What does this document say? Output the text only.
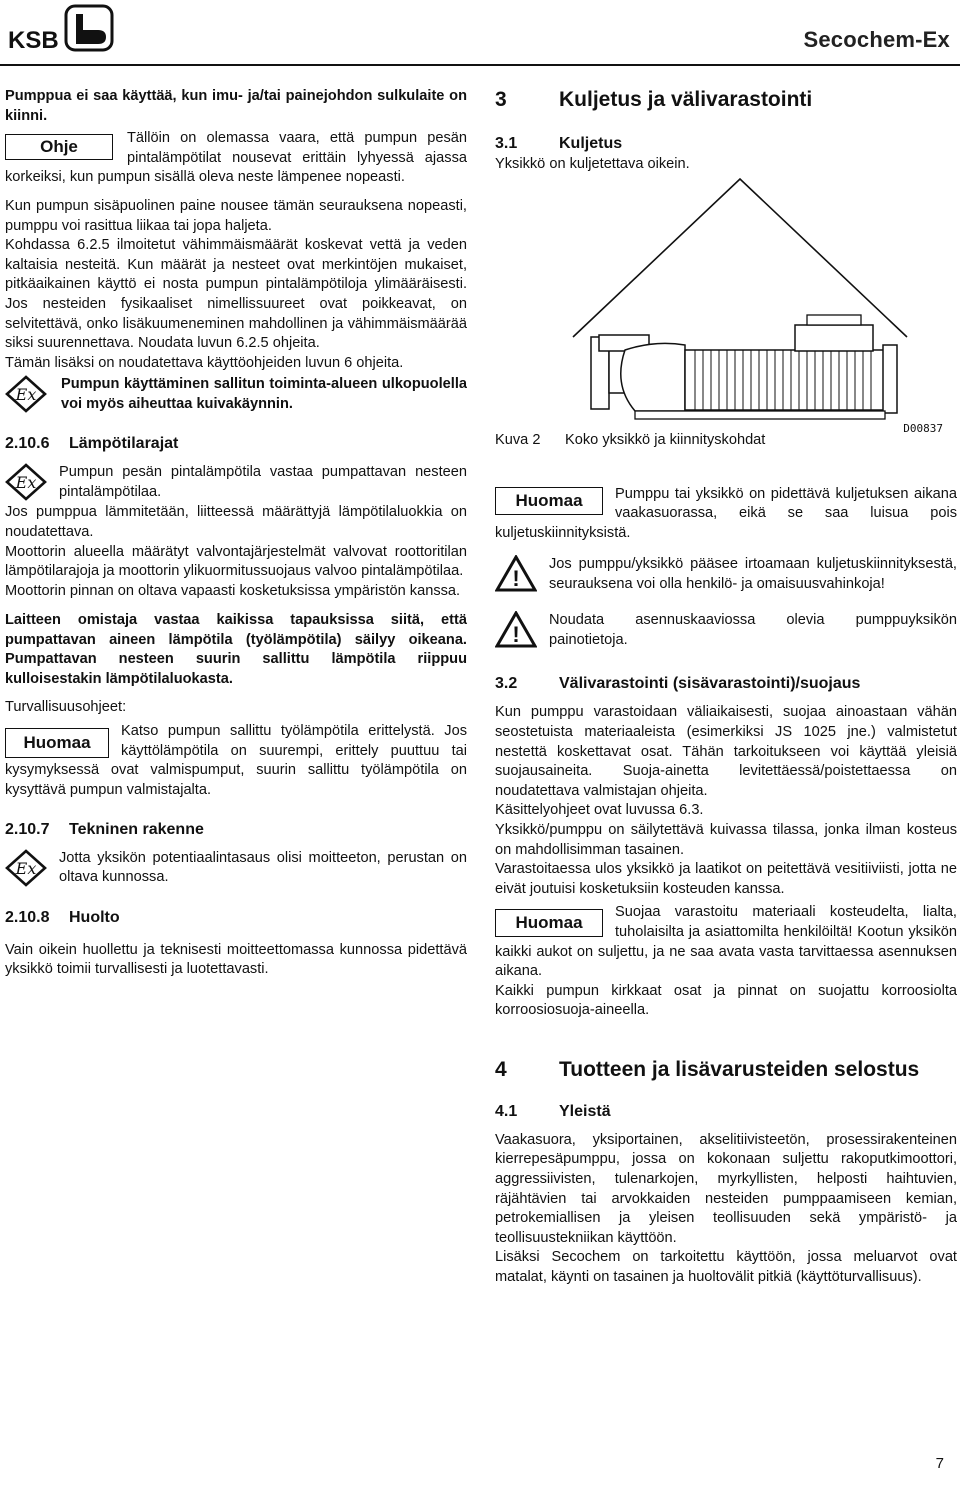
KSB	Secochem-Ex

Pumppua ei saa käyttää, kun imu- ja/tai painejohdon sulkulaite on kiinni.

Ohje	Tällöin on olemassa vaara, että pumpun pesän pintalämpötilat nousevat erittäin lyhyessä ajassa korkeiksi, kun pumpun sisällä oleva neste lämpenee nopeasti.

Kun pumpun sisäpuolinen paine nousee tämän seurauksena nopeasti, pumppu voi rasittua liikaa tai jopa haljeta.

Kohdassa 6.2.5 ilmoitetut vähimmäismäärät koskevat vettä ja veden kaltaisia nesteitä. Kun määrät ja nesteet ovat merkintöjen mukaiset, pitkäaikainen käyttö ei nosta pumpun pintalämpötiloja ylimääräisesti. Jos nesteiden fysikaaliset nimellissuureet ovat poikkeavat, on selvitettävä, onko lisäkuumeneminen mahdollinen ja vähimmäismäärää siksi suurennettava. Noudata luvun 6.2.5 ohjeita.

Tämän lisäksi on noudatettava käyttöohjeiden luvun 6 ohjeita.

Ex

Pumpun käyttäminen sallitun toiminta-alueen ulkopuolella voi myös aiheuttaa kuivakäynnin.

2.10.6 Lämpötilarajat
Ex

Pumpun pesän pintalämpötila vastaa pumpattavan nesteen pintalämpötilaa.

Jos pumppua lämmitetään, liitteessä määrättyjä lämpötilaluokkia on noudatettava.

Moottorin alueella määrätyt valvontajärjestelmät valvovat roottoritilan lämpötilarajoja ja moottorin ylikuormitussuojaus valvoo pintalämpötilaa.

Moottorin pinnan on oltava vapaasti kosketuksissa ympäristön kanssa.

Laitteen omistaja vastaa kaikissa tapauksissa siitä, että pumpattavan aineen lämpötila (työlämpötila) säilyy oikeana. Pumpattavan nesteen suurin sallittu lämpötila riippuu kulloisestakin lämpötilaluokasta.

Turvallisuusohjeet:

Huomaa

Katso pumpun sallittu työlämpötila erittelystä. Jos käyttölämpötila on suurempi, erittely puuttuu tai kysymyksessä ovat valmispumput, suurin sallittu työlämpötila on kysyttävä pumpun valmistajalta.

2.10.7 Tekninen rakenne
Ex

Jotta yksikön potentiaalintasaus olisi moitteeton, perustan on oltava kunnossa.

2.10.8 Huolto

Vain oikein huollettu ja teknisesti moitteettomassa kunnossa pidettävä yksikkö toimii turvallisesti ja luotettavasti.

3 Kuljetus ja välivarastointi
3.1	Kuljetus

Yksikkö on kuljetettava oikein.

D00837
Kuva 2 Koko yksikkö ja kiinnityskohdat
Huomaa	Pumppu tai yksikkö on pidettävä kuljetuksen aikana vaakasuorassa, eikä se saa luisua pois kuljetuskiinnityksistä.

!

Jos pumppu/yksikkö pääsee irtoamaan kuljetuskiinnityksestä, seurauksena voi olla henkilö- ja omaisuusvahinkoja!

!

Noudata asennuskaaviossa olevia pumppuyksikön painotietoja.

3.2	Välivarastointi (sisävarastointi)/suojaus

Kun pumppu varastoidaan väliaikaisesti, suojaa ainoastaan vähän seostetuista materiaaleista (esimerkiksi JS 1025 jne.) valmistetut nestettä koskettavat osat. Tähän tarkoitukseen voi käyttää yleisiä suojausaineita. Suoja-ainetta levitettäessä/poistettaessa on noudatettava valmistajan ohjeita.

Käsittelyohjeet ovat luvussa 6.3.

Yksikkö/pumppu on säilytettävä kuivassa tilassa, jonka ilman kosteus on mahdollisimman tasainen.

Varastoitaessa ulos yksikkö ja laatikot on peitettävä vesitiiviisti, jotta ne eivät joutuisi kosketuksiin kosteuden kanssa.

Huomaa

Suojaa varastoitu materiaali kosteudelta, lialta, tuholaisilta ja asiattomilta henkilöiltä! Kootun yksikön kaikki aukot on suljettu, ja ne saa avata vasta tarvittaessa asennuksen aikana.

Kaikki pumpun kirkkaat osat ja pinnat on suojattu korroosiolta korroosiosuoja-aineella.

4 Tuotteen ja lisävarusteiden selostus
4.1	Yleistä

Vaakasuora, yksiportainen, akselitiivisteetön, prosessirakenteinen kierrepesäpumppu, jossa on kokonaan suljettu rakoputkimoottori, aggressiivisten, tulenarkojen, myrkyllisten, helposti haihtuvien, räjähtävien tai arvokkaiden nesteiden pumppaamiseen kemian, petrokemiallisen ja yleisen teollisuuden sekä ympäristö- ja teollisuustekniikan käyttöön.

Lisäksi Secochem on tarkoitettu käyttöön, jossa meluarvot ovat matalat, käynti on tasainen ja huoltovälit pitkiä (käyttöturvallisuus).

7
